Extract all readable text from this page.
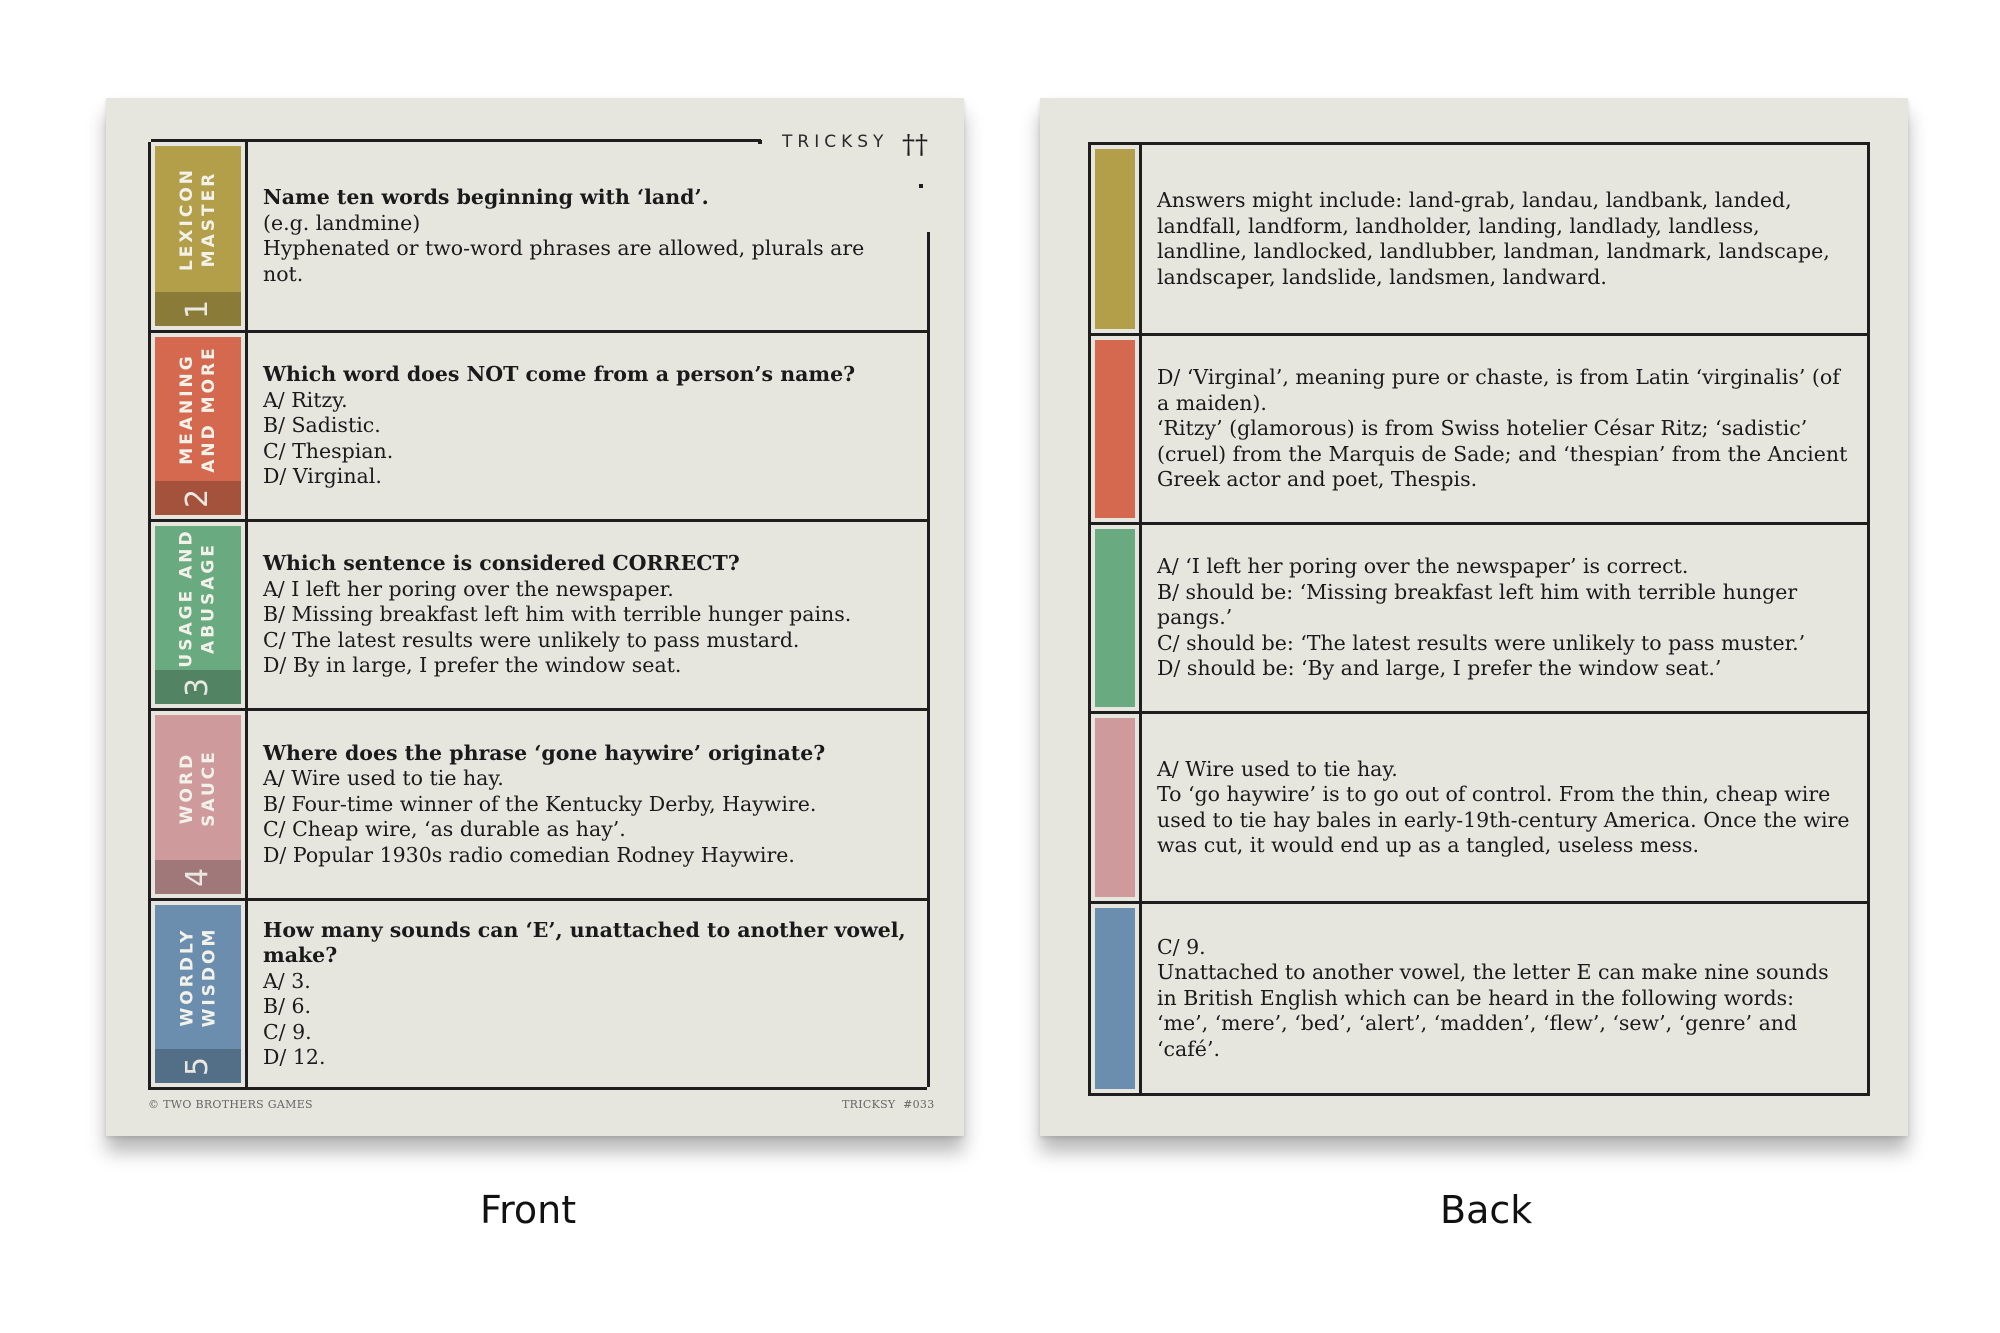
LEXICON MASTER
1
Name ten words beginning with ‘land’.
(e.g. landmine)
Hyphenated or two-word phrases are allowed, plurals are not.
MEANING AND MORE
2
Which word does NOT come from a person’s name?
A/ Ritzy.
B/ Sadistic.
C/ Thespian.
D/ Virginal.
USAGE AND ABUSAGE
3
Which sentence is considered CORRECT?
A/ I left her poring over the newspaper.
B/ Missing breakfast left him with terrible hunger pains.
C/ The latest results were unlikely to pass mustard.
D/ By in large, I prefer the window seat.
WORD SAUCE
4
Where does the phrase ‘gone haywire’ originate?
A/ Wire used to tie hay.
B/ Four-time winner of the Kentucky Derby, Haywire.
C/ Cheap wire, ‘as durable as hay’.
D/ Popular 1930s radio comedian Rodney Haywire.
WORDLY WISDOM
5
How many sounds can ‘E’, unattached to another vowel, make?
A/ 3.
B/ 6.
C/ 9.
D/ 12.
TRICKSY ††
© TWO BROTHERS GAMES	TRICKSY  #033
Answers might include: land-grab, landau, landbank, landed, landfall, landform, landholder, landing, landlady, landless, landline, landlocked, landlubber, landman, landmark, landscape, landscaper, landslide, landsmen, landward.
D/ ‘Virginal’, meaning pure or chaste, is from Latin ‘virginalis’ (of a maiden).
‘Ritzy’ (glamorous) is from Swiss hotelier César Ritz; ‘sadistic’ (cruel) from the Marquis de Sade; and ‘thespian’ from the Ancient Greek actor and poet, Thespis.
A/ ‘I left her poring over the newspaper’ is correct.
B/ should be: ‘Missing breakfast left him with terrible hunger pangs.’
C/ should be: ‘The latest results were unlikely to pass muster.’
D/ should be: ‘By and large, I prefer the window seat.’
A/ Wire used to tie hay.
To ‘go haywire’ is to go out of control. From the thin, cheap wire used to tie hay bales in early-19th-century America. Once the wire was cut, it would end up as a tangled, useless mess.
C/ 9.
Unattached to another vowel, the letter E can make nine sounds in British English which can be heard in the following words: ‘me’, ‘mere’, ‘bed’, ‘alert’, ‘madden’, ‘flew’, ‘sew’, ‘genre’ and ‘café’.
Front	Back
